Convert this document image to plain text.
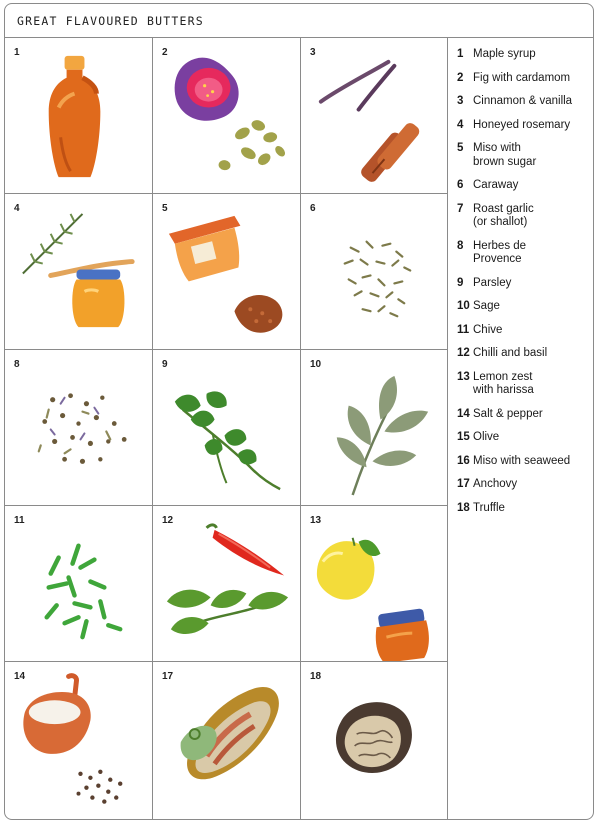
GREAT FLAVOURED BUTTERS
1	2	3
4	5	6
8	9	10
11	12	13
14	17	18
1 Maple syrup
2 Fig with cardamom
3 Cinnamon & vanilla
4 Honeyed rosemary
5 Miso with
brown sugar
6 Caraway
7 Roast garlic
(or shallot)
8 Herbes de
Provence
9 Parsley
10 Sage
11 Chive
12 Chilli and basil
13 Lemon zest
with harissa
14 Salt & pepper
15 Olive
16 Miso with seaweed
17 Anchovy
18 Truffle
